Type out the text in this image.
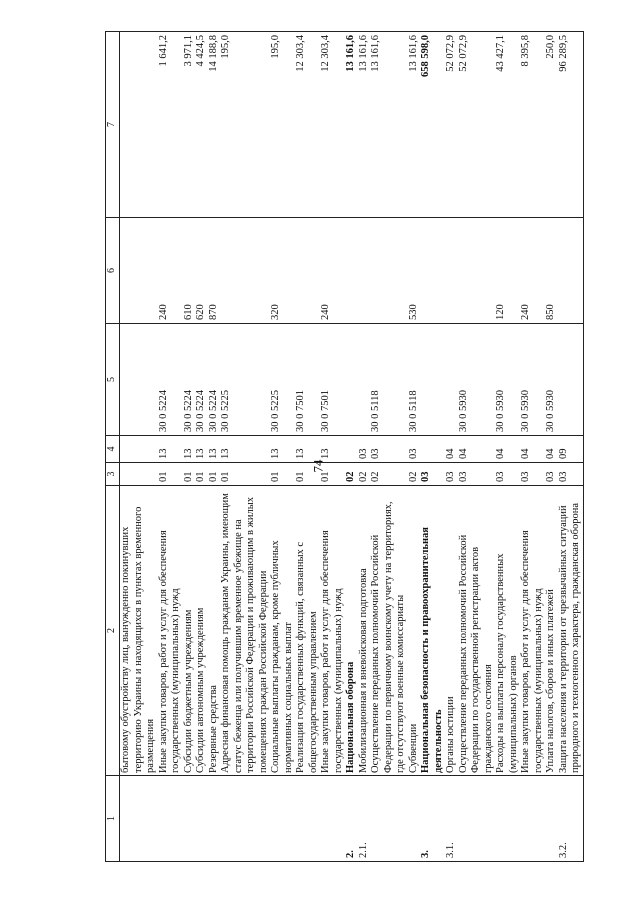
74
1	2	3	4	5	6	7
	бытовому обустройству лиц, вынужденно покинувших территорию Украины и находящихся в пунктах временного размещения					
	Иные закупки товаров, работ и услуг для обеспечения государственных (муниципальных) нужд	01	13	30 0 5224	240	1 641,2
	Субсидии бюджетным учреждениям	01	13	30 0 5224	610	3 971,1
	Субсидии автономным учреждениям	01	13	30 0 5224	620	4 424,5
	Резервные средства	01	13	30 0 5224	870	14 188,8
	Адресная финансовая помощь гражданам Украины, имеющим статус беженца или получившим временное убежище на территории Российской Федерации и проживающим в жилых помещениях граждан Российской Федерации	01	13	30 0 5225		195,0
	Социальные выплаты гражданам, кроме публичных нормативных социальных выплат	01	13	30 0 5225	320	195,0
	Реализация государственных функций, связанных с общегосударственным управлением	01	13	30 0 7501		12 303,4
	Иные закупки товаров, работ и услуг для обеспечения государственных (муниципальных) нужд	01	13	30 0 7501	240	12 303,4
2.	Национальная оборона	02				13 161,6
2.1.	Мобилизационная и вневойсковая подготовка	02	03			13 161,6
	Осуществление переданных полномочий Российской Федерации по первичному воинскому учету на территориях, где отсутствуют военные комиссариаты	02	03	30 0 5118		13 161,6
	Субвенции	02	03	30 0 5118	530	13 161,6
3.	Национальная безопасность и правоохранительная деятельность	03				658 598,0
3.1.	Органы юстиции	03	04			52 072,9
	Осуществление переданных полномочий Российской Федерации по государственной регистрации актов гражданского состояния	03	04	30 0 5930		52 072,9
	Расходы на выплаты персоналу государственных (муниципальных) органов	03	04	30 0 5930	120	43 427,1
	Иные закупки товаров, работ и услуг для обеспечения государственных (муниципальных) нужд	03	04	30 0 5930	240	8 395,8
	Уплата налогов, сборов и иных платежей	03	04	30 0 5930	850	250,0
3.2.	Защита населения и территории от чрезвычайных ситуаций природного и техногенного характера, гражданская оборона	03	09			96 289,5
